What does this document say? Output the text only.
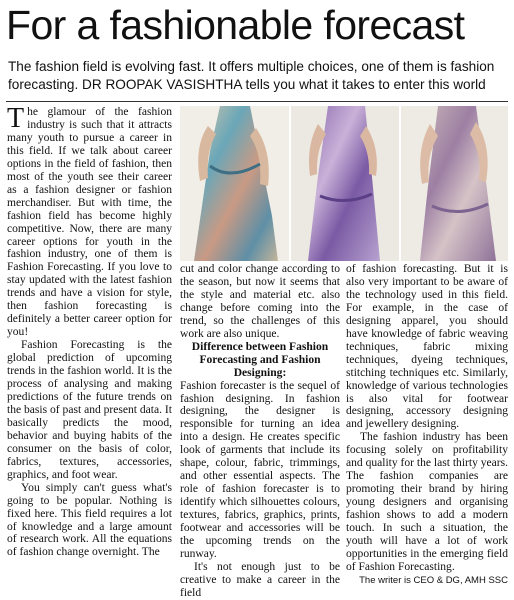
For a fashionable forecast
The fashion field is evolving fast. It offers multiple choices, one of them is fashion forecasting. DR ROOPAK VASISHTHA tells you what it takes to enter this world

The glamour of the fashion industry is such that it attracts many youth to pursue a career in this field. If we talk about career options in the field of fashion, then most of the youth see their career as a fashion designer or fashion merchandiser. But with time, the fashion field has become highly competitive. Now, there are many career options for youth in the fashion industry, one of them is Fashion Forecasting. If you love to stay updated with the latest fashion trends and have a vision for style, then fashion forecasting is definitely a better career option for you!

Fashion Forecasting is the global prediction of upcoming trends in the fashion world. It is the process of analysing and making predictions of the future trends on the basis of past and present data. It basically predicts the mood, behavior and buying habits of the consumer on the basis of color, fabrics, textures, accessories, graphics, and foot wear.

You simply can't guess what's going to be popular. Nothing is fixed here. This field requires a lot of knowledge and a large amount of research work. All the equations of fashion change overnight. The

cut and color change according to the season, but now it seems that the style and material etc. also change before coming into the trend, so the challenges of this work are also unique.

Difference between Fashion Forecasting and Fashion Designing:

Fashion forecaster is the sequel of fashion designing. In fashion designing, the designer is responsible for turning an idea into a design. He creates specific look of garments that include its shape, colour, fabric, trimmings, and other essential aspects. The role of fashion forecaster is to identify which silhouettes colours, textures, fabrics, graphics, prints, footwear and accessories will be the upcoming trends on the runway.

It's not enough just to be creative to make a career in the field

of fashion forecasting. But it is also very important to be aware of the technology used in this field. For example, in the case of designing apparel, you should have knowledge of fabric weaving techniques, fabric mixing techniques, dyeing techniques, stitching techniques etc. Similarly, knowledge of various technologies is also vital for footwear designing, accessory designing and jewellery designing.

The fashion industry has been focusing solely on profitability and quality for the last thirty years. The fashion companies are promoting their brand by hiring young designers and organising fashion shows to add a modern touch. In such a situation, the youth will have a lot of work opportunities in the emerging field of Fashion Forecasting.

The writer is CEO & DG, AMH SSC
